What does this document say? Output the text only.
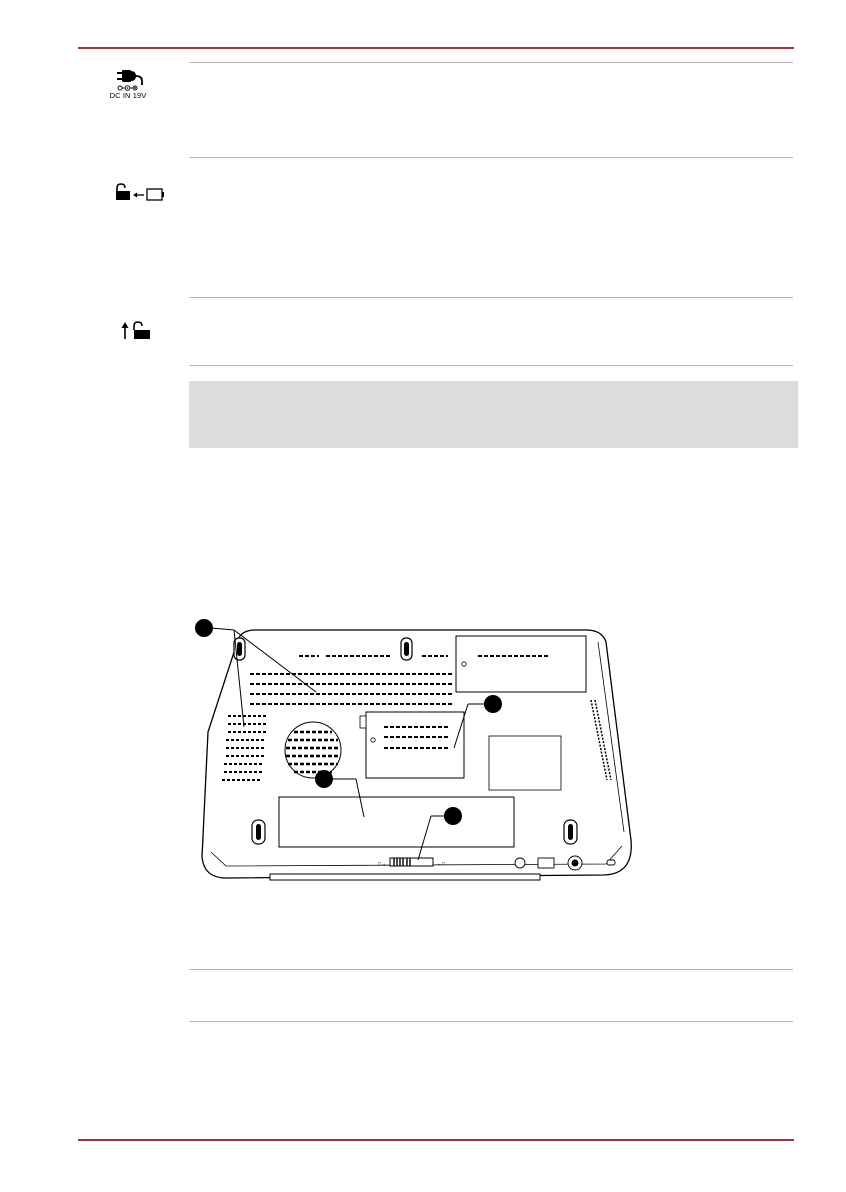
DC IN 19V
□→	←□
